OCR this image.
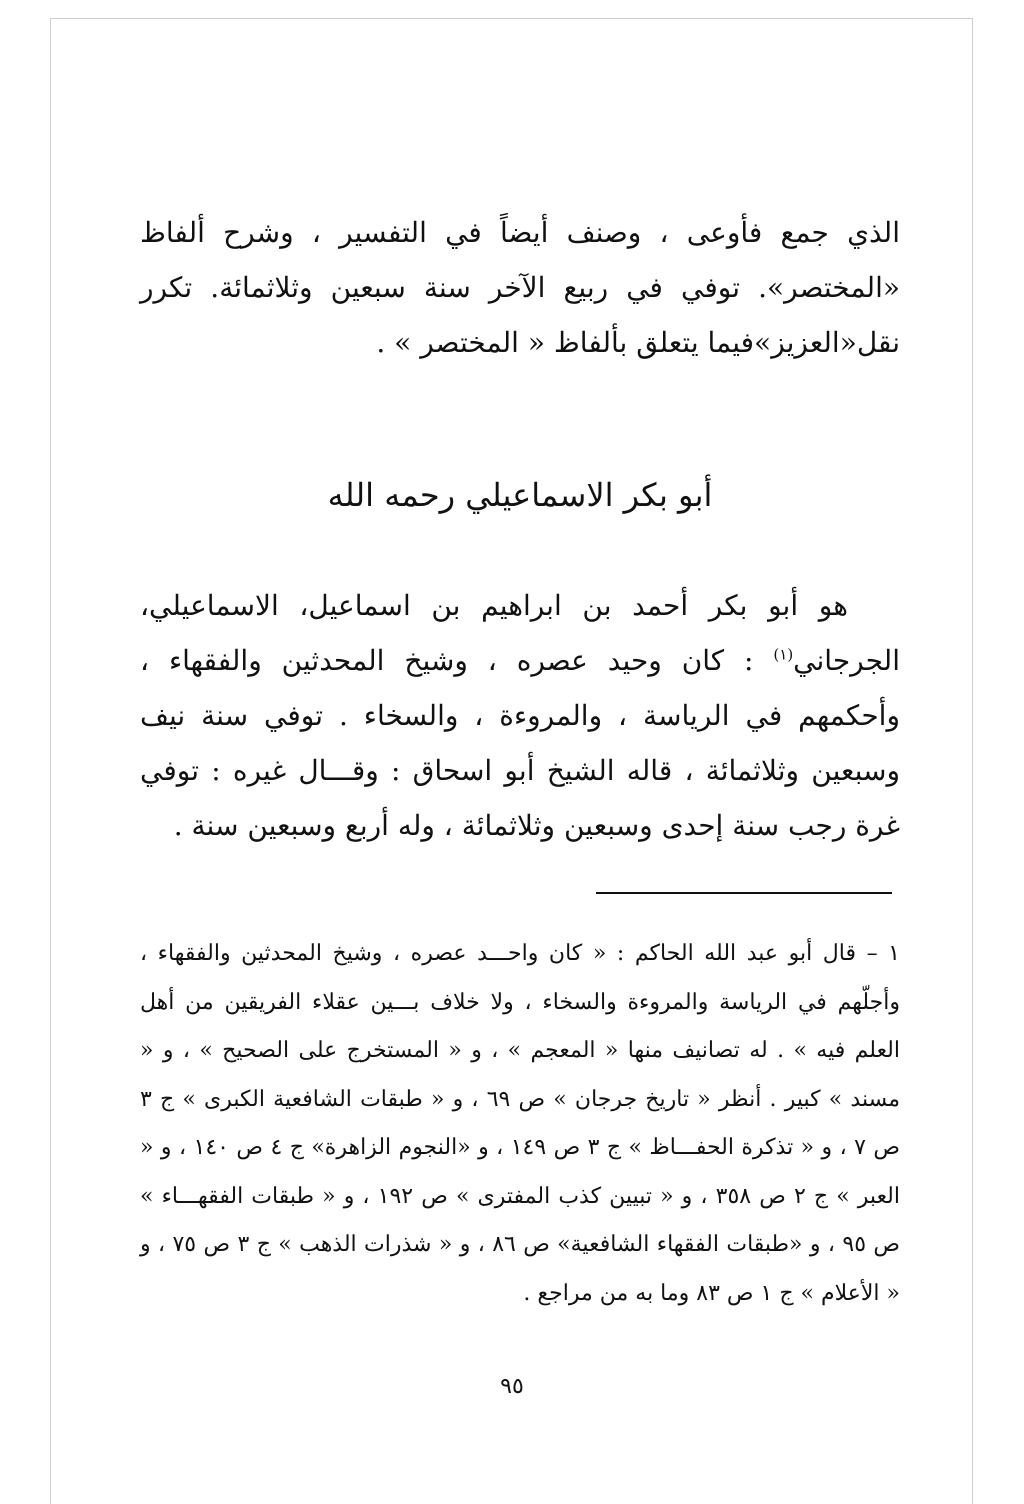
الذي جمع فأوعى ، وصنف أيضاً في التفسير ، وشرح ألفاظ «المختصر». توفي في ربيع الآخر سنة سبعين وثلاثمائة. تكرر نقل«العزيز»فيما يتعلق بألفاظ « المختصر » .

أبو بكر الاسماعيلي رحمه الله

هو أبو بكر أحمد بن ابراهيم بن اسماعيل، الاسماعيلي، الجرجاني$^{(١)}$ : كان وحيد عصره ، وشيخ المحدثين والفقهاء ، وأحكمهم في الرياسة ، والمروءة ، والسخاء . توفي سنة نيف وسبعين وثلاثمائة ، قاله الشيخ أبو اسحاق : وقـــال غيره : توفي غرة رجب سنة إحدى وسبعين وثلاثمائة ، وله أربع وسبعين سنة .

١ – قال أبو عبد الله الحاكم : « كان واحـــد عصره ، وشيخ المحدثين والفقهاء ، وأجلّهم في الرياسة والمروءة والسخاء ، ولا خلاف بـــين عقلاء الفريقين من أهل العلم فيه » . له تصانيف منها « المعجم » ، و « المستخرج على الصحيح » ، و « مسند » كبير . أنظر « تاريخ جرجان » ص ٦٩ ، و « طبقات الشافعية الكبرى » ج ٣ ص ٧ ، و « تذكرة الحفـــاظ » ج ٣ ص ١٤٩ ، و «النجوم الزاهرة» ج ٤ ص ١٤٠ ، و « العبر » ج ٢ ص ٣٥٨ ، و « تبيين كذب المفترى » ص ١٩٢ ، و « طبقات الفقهـــاء » ص ٩٥ ، و «طبقات الفقهاء الشافعية» ص ٨٦ ، و « شذرات الذهب » ج ٣ ص ٧٥ ، و « الأعلام » ج ١ ص ٨٣ وما به من مراجع .

٩٥
